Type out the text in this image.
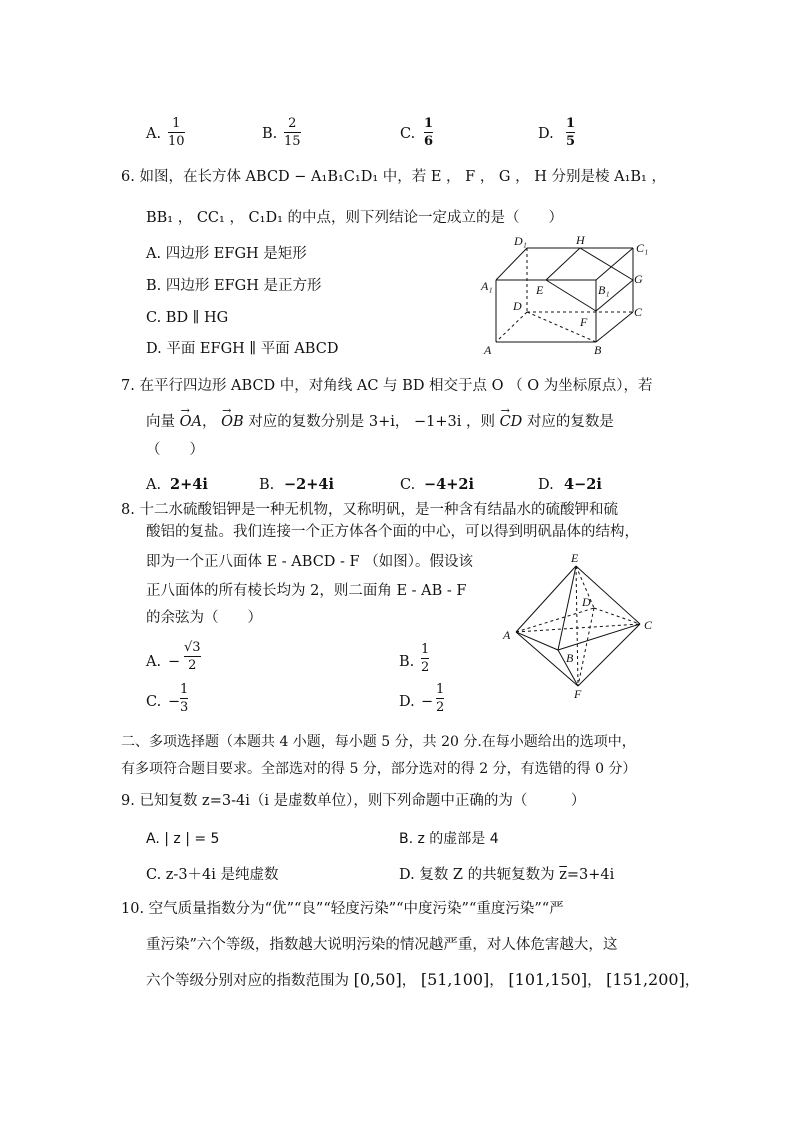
A.
1
10	B.
2
15	C.
1
6	D.
1
5
6. 如图，在长方体 ABCD − A₁B₁C₁D₁ 中，若 E ， F ， G ， H 分别是棱 A₁B₁ ，
BB₁ ， CC₁ ， C₁D₁ 的中点，则下列结论一定成立的是（　　）
A. 四边形 EFGH 是矩形
B. 四边形 EFGH 是正方形
C. BD ∥ HG
D. 平面 EFGH ∥ 平面 ABCD
D₁	H
C₁
A₁	E	B₁
G
D
F
C
A	B
7. 在平行四边形 ABCD 中，对角线 AC 与 BD 相交于点 O （ O 为坐标原点），若
向量 → OA， → OB 对应的复数分别是 3+i， −1+3i ，则 → CD 对应的复数是
（　　）
A. 2+4i	B. −2+4i	C. −4+2i	D. 4−2i
8. 十二水硫酸铝钾是一种无机物，又称明矾，是一种含有结晶水的硫酸钾和硫
酸铝的复盐。我们连接一个正方体各个面的中心，可以得到明矾晶体的结构，
即为一个正八面体 E - ABCD - F （如图）。假设该
正八面体的所有棱长均为 2，则二面角 E - AB - F
的余弦为（　　）
A. −
√3
2	B.
1
2
C. −
1
3	D. −
1
2
E
D
A
C
B
F
二、多项选择题（本题共 4 小题，每小题 5 分，共 20 分.在每小题给出的选项中，
有多项符合题目要求。全部选对的得 5 分，部分选对的得 2 分，有选错的得 0 分）
9. 已知复数 z=3-4i（i 是虚数单位），则下列命题中正确的为（　　　）
A. | z | = 5	B. z 的虚部是 4
C. z-3＋4i 是纯虚数	D. 复数 Z 的共轭复数为 $\overline{z}=3+4i$
10. 空气质量指数分为“优”“良”“轻度污染”“中度污染”“重度污染”“严
重污染”六个等级，指数越大说明污染的情况越严重，对人体危害越大，这
六个等级分别对应的指数范围为 [0,50]， [51,100]， [101,150]， [151,200]，
